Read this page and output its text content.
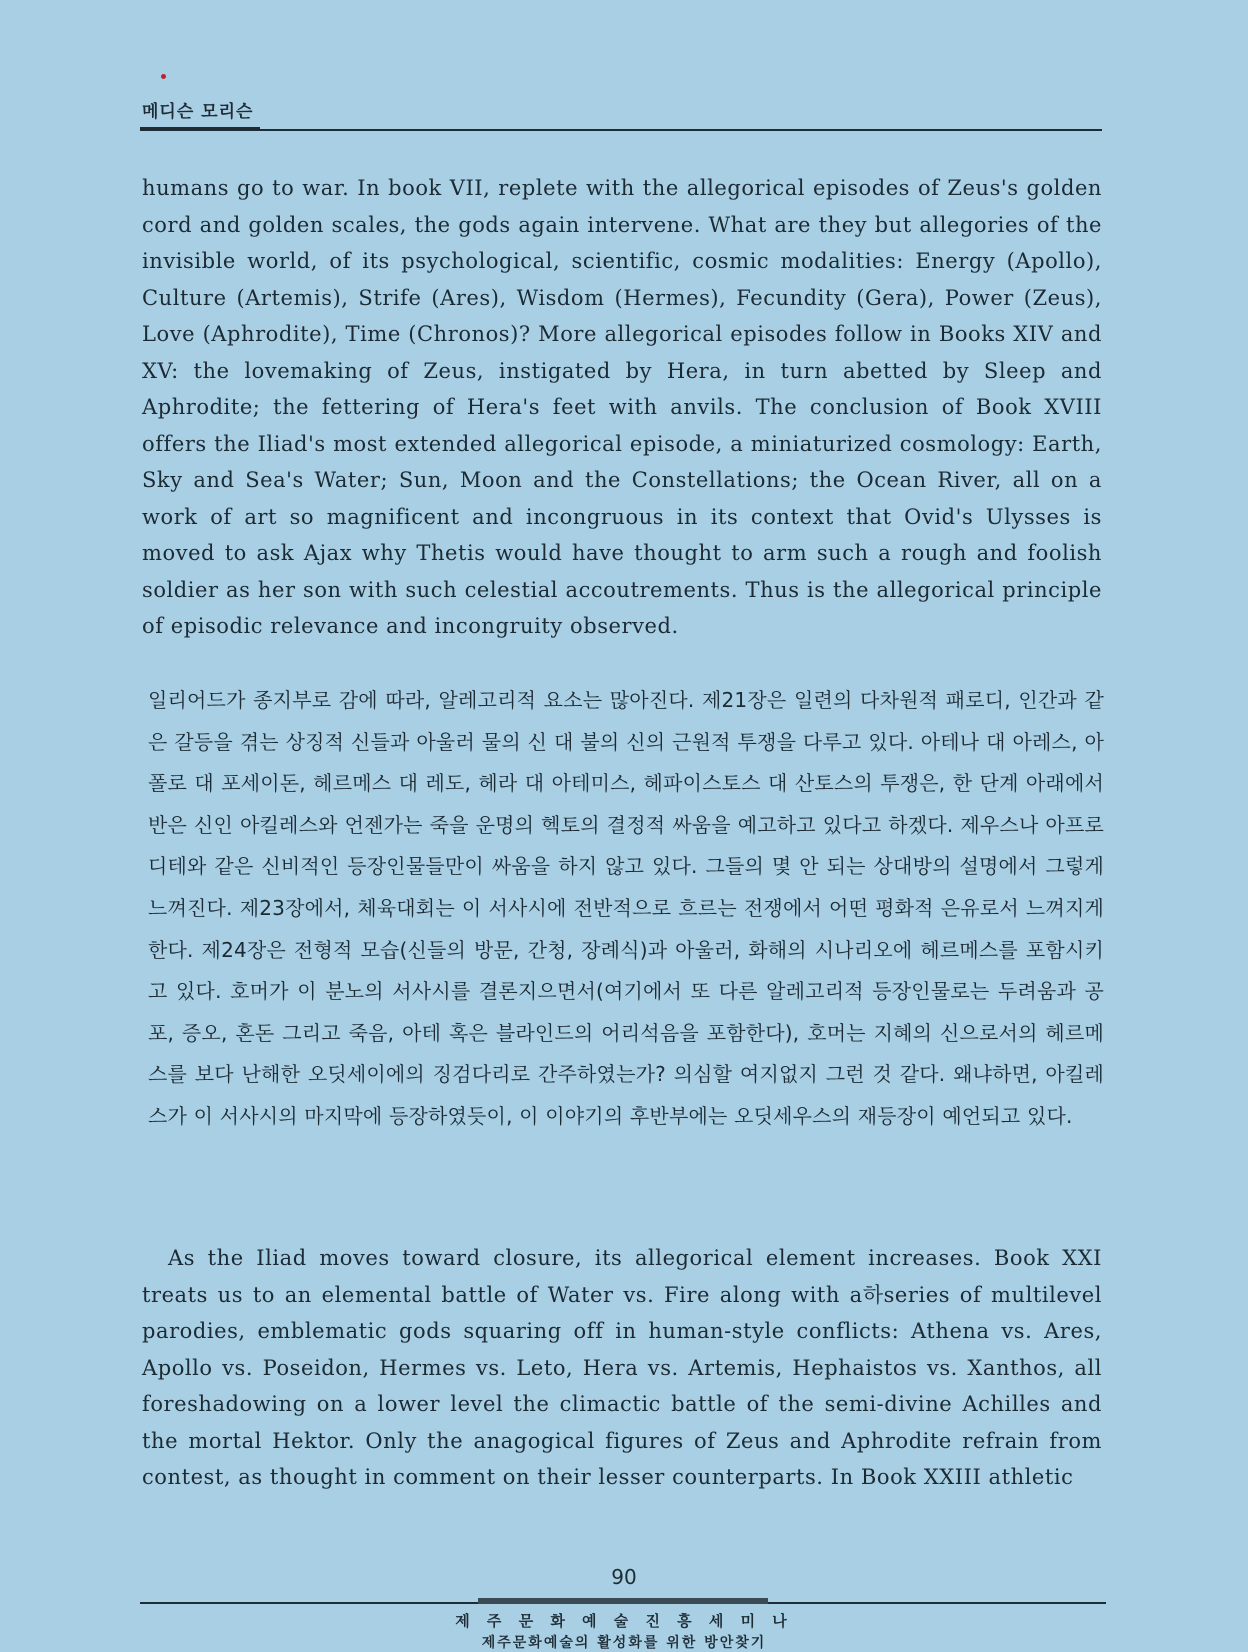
메디슨 모리슨

humans go to war. In book VII, replete with the allegorical episodes of Zeus's golden cord and golden scales, the gods again intervene. What are they but allegories of the invisible world, of its psychological, scientific, cosmic modalities: Energy (Apollo), Culture (Artemis), Strife (Ares), Wisdom (Hermes), Fecundity (Gera), Power (Zeus), Love (Aphrodite), Time (Chronos)? More allegorical episodes follow in Books XIV and XV: the lovemaking of Zeus, instigated by Hera, in turn abetted by Sleep and Aphrodite; the fettering of Hera's feet with anvils. The conclusion of Book XVIII offers the Iliad's most extended allegorical episode, a miniaturized cosmology: Earth, Sky and Sea's Water; Sun, Moon and the Constellations; the Ocean River, all on a work of art so magnificent and incongruous in its context that Ovid's Ulysses is moved to ask Ajax why Thetis would have thought to arm such a rough and foolish soldier as her son with such celestial accoutrements. Thus is the allegorical principle of episodic relevance and incongruity observed.

일리어드가 종지부로 감에 따라, 알레고리적 요소는 많아진다. 제21장은 일련의 다차원적 패로디, 인간과 같은 갈등을 겪는 상징적 신들과 아울러 물의 신 대 불의 신의 근원적 투쟁을 다루고 있다. 아테나 대 아레스, 아폴로 대 포세이돈, 헤르메스 대 레도, 헤라 대 아테미스, 헤파이스토스 대 산토스의 투쟁은, 한 단계 아래에서 반은 신인 아킬레스와 언젠가는 죽을 운명의 헥토의 결정적 싸움을 예고하고 있다고 하겠다. 제우스나 아프로디테와 같은 신비적인 등장인물들만이 싸움을 하지 않고 있다. 그들의 몇 안 되는 상대방의 설명에서 그렇게 느껴진다. 제23장에서, 체육대회는 이 서사시에 전반적으로 흐르는 전쟁에서 어떤 평화적 은유로서 느껴지게 한다. 제24장은 전형적 모습(신들의 방문, 간청, 장례식)과 아울러, 화해의 시나리오에 헤르메스를 포함시키고 있다. 호머가 이 분노의 서사시를 결론지으면서(여기에서 또 다른 알레고리적 등장인물로는 두려움과 공포, 증오, 혼돈 그리고 죽음, 아테 혹은 블라인드의 어리석음을 포함한다), 호머는 지혜의 신으로서의 헤르메스를 보다 난해한 오딧세이에의 징검다리로 간주하였는가? 의심할 여지없지 그런 것 같다. 왜냐하면, 아킬레스가 이 서사시의 마지막에 등장하였듯이, 이 이야기의 후반부에는 오딧세우스의 재등장이 예언되고 있다.

As the Iliad moves toward closure, its allegorical element increases. Book XXI treats us to an elemental battle of Water vs. Fire along with a하series of multilevel parodies, emblematic gods squaring off in human-style conflicts: Athena vs. Ares, Apollo vs. Poseidon, Hermes vs. Leto, Hera vs. Artemis, Hephaistos vs. Xanthos, all foreshadowing on a lower level the climactic battle of the semi-divine Achilles and the mortal Hektor. Only the anagogical figures of Zeus and Aphrodite refrain from contest, as thought in comment on their lesser counterparts. In Book XXIII athletic

90
제 주 문 화 예 술 진 흥 세 미 나
제주문화예술의 활성화를 위한 방안찾기
